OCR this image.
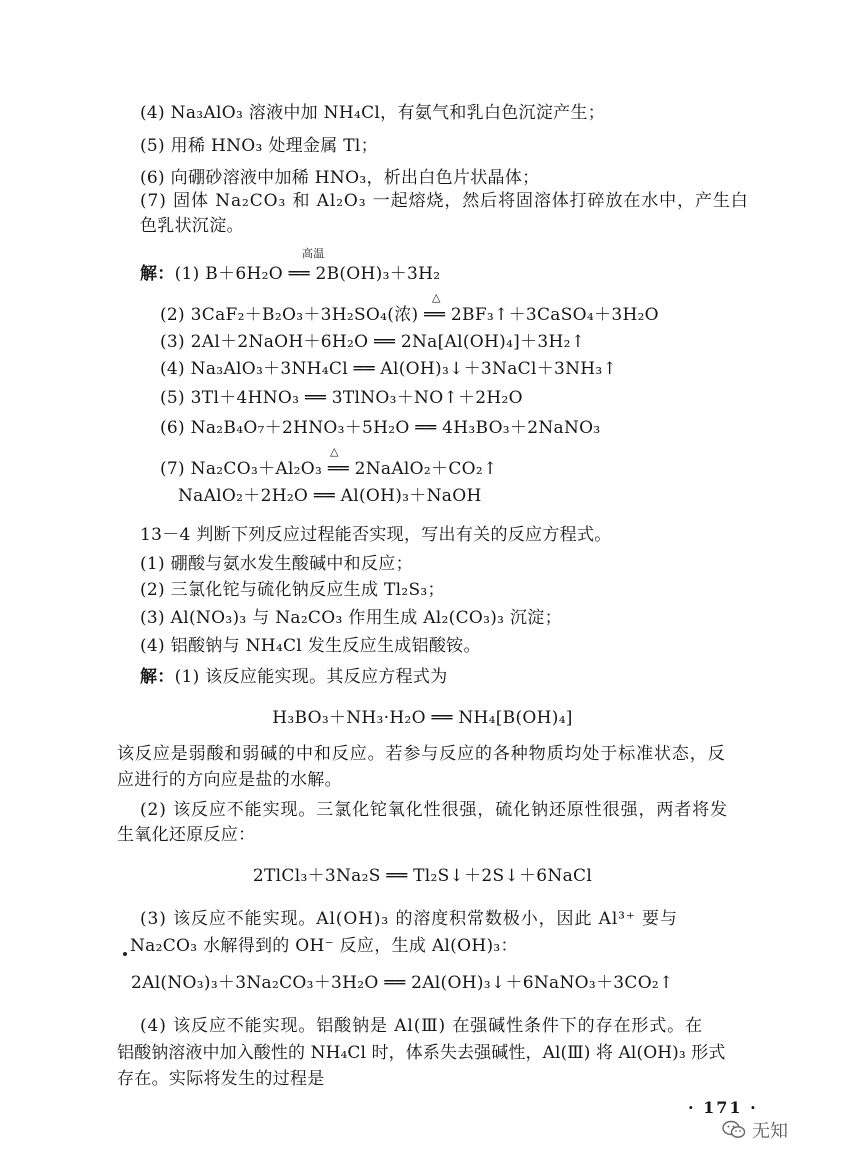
(4) Na₃AlO₃ 溶液中加 NH₄Cl，有氨气和乳白色沉淀产生；
(5) 用稀 HNO₃ 处理金属 Tl；
(6) 向硼砂溶液中加稀 HNO₃，析出白色片状晶体；
(7) 固体 Na₂CO₃ 和 Al₂O₃ 一起熔烧，然后将固溶体打碎放在水中，产生白
色乳状沉淀。
解：(1) B＋6H₂O ══ 2B(OH)₃＋3H₂
高温
(2) 3CaF₂＋B₂O₃＋3H₂SO₄(浓) ══ 2BF₃↑＋3CaSO₄＋3H₂O
△
(3) 2Al＋2NaOH＋6H₂O ══ 2Na[Al(OH)₄]＋3H₂↑
(4) Na₃AlO₃＋3NH₄Cl ══ Al(OH)₃↓＋3NaCl＋3NH₃↑
(5) 3Tl＋4HNO₃ ══ 3TlNO₃＋NO↑＋2H₂O
(6) Na₂B₄O₇＋2HNO₃＋5H₂O ══ 4H₃BO₃＋2NaNO₃
(7) Na₂CO₃＋Al₂O₃ ══ 2NaAlO₂＋CO₂↑
△
NaAlO₂＋2H₂O ══ Al(OH)₃＋NaOH
13－4 判断下列反应过程能否实现，写出有关的反应方程式。
(1) 硼酸与氨水发生酸碱中和反应；
(2) 三氯化铊与硫化钠反应生成 Tl₂S₃；
(3) Al(NO₃)₃ 与 Na₂CO₃ 作用生成 Al₂(CO₃)₃ 沉淀；
(4) 铝酸钠与 NH₄Cl 发生反应生成铝酸铵。
解：(1) 该反应能实现。其反应方程式为
H₃BO₃＋NH₃·H₂O ══ NH₄[B(OH)₄]
该反应是弱酸和弱碱的中和反应。若参与反应的各种物质均处于标准状态，反
应进行的方向应是盐的水解。
(2) 该反应不能实现。三氯化铊氧化性很强，硫化钠还原性很强，两者将发
生氧化还原反应：
2TlCl₃＋3Na₂S ══ Tl₂S↓＋2S↓＋6NaCl
(3) 该反应不能实现。Al(OH)₃ 的溶度积常数极小，因此 Al³⁺ 要与
Na₂CO₃ 水解得到的 OH⁻ 反应，生成 Al(OH)₃：
2Al(NO₃)₃＋3Na₂CO₃＋3H₂O ══ 2Al(OH)₃↓＋6NaNO₃＋3CO₂↑
(4) 该反应不能实现。铝酸钠是 Al(Ⅲ) 在强碱性条件下的存在形式。在
铝酸钠溶液中加入酸性的 NH₄Cl 时，体系失去强碱性，Al(Ⅲ) 将 Al(OH)₃ 形式
存在。实际将发生的过程是
· 171 ·
无知
